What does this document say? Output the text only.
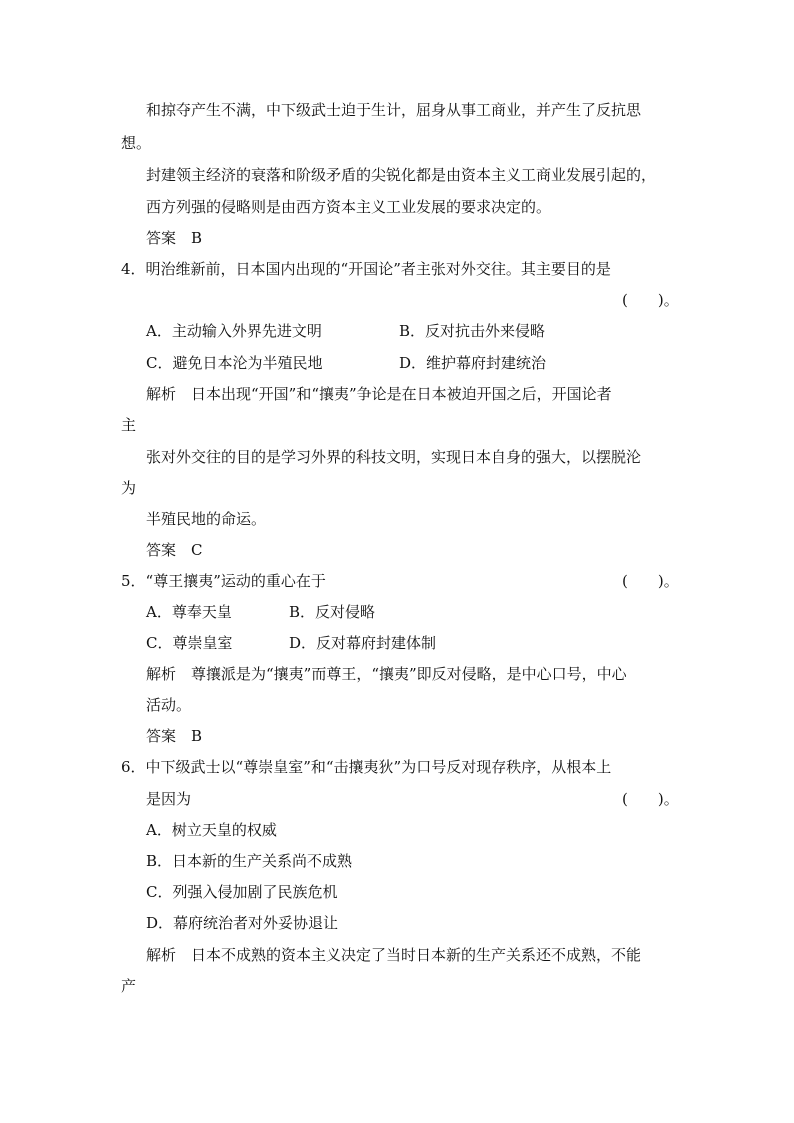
和掠夺产生不满，中下级武士迫于生计，屈身从事工商业，并产生了反抗思
想。
封建领主经济的衰落和阶级矛盾的尖锐化都是由资本主义工商业发展引起的，
西方列强的侵略则是由西方资本主义工业发展的要求决定的。
答案　B
4．明治维新前，日本国内出现的“开国论”者主张对外交往。其主要目的是
(　　)。
A．主动输入外界先进文明	B．反对抗击外来侵略
C．避免日本沦为半殖民地	D．维护幕府封建统治
解析　日本出现“开国”和“攘夷”争论是在日本被迫开国之后，开国论者
主
张对外交往的目的是学习外界的科技文明，实现日本自身的强大，以摆脱沦
为
半殖民地的命运。
答案　C
5．“尊王攘夷”运动的重心在于	(　　)。
A．尊奉天皇	B．反对侵略
C．尊崇皇室	D．反对幕府封建体制
解析　尊攘派是为“攘夷”而尊王，“攘夷”即反对侵略，是中心口号，中心
活动。
答案　B
6．中下级武士以“尊崇皇室”和“击攘夷狄”为口号反对现存秩序，从根本上
是因为	(　　)。
A．树立天皇的权威
B．日本新的生产关系尚不成熟
C．列强入侵加剧了民族危机
D．幕府统治者对外妥协退让
解析　日本不成熟的资本主义决定了当时日本新的生产关系还不成熟，不能
产
